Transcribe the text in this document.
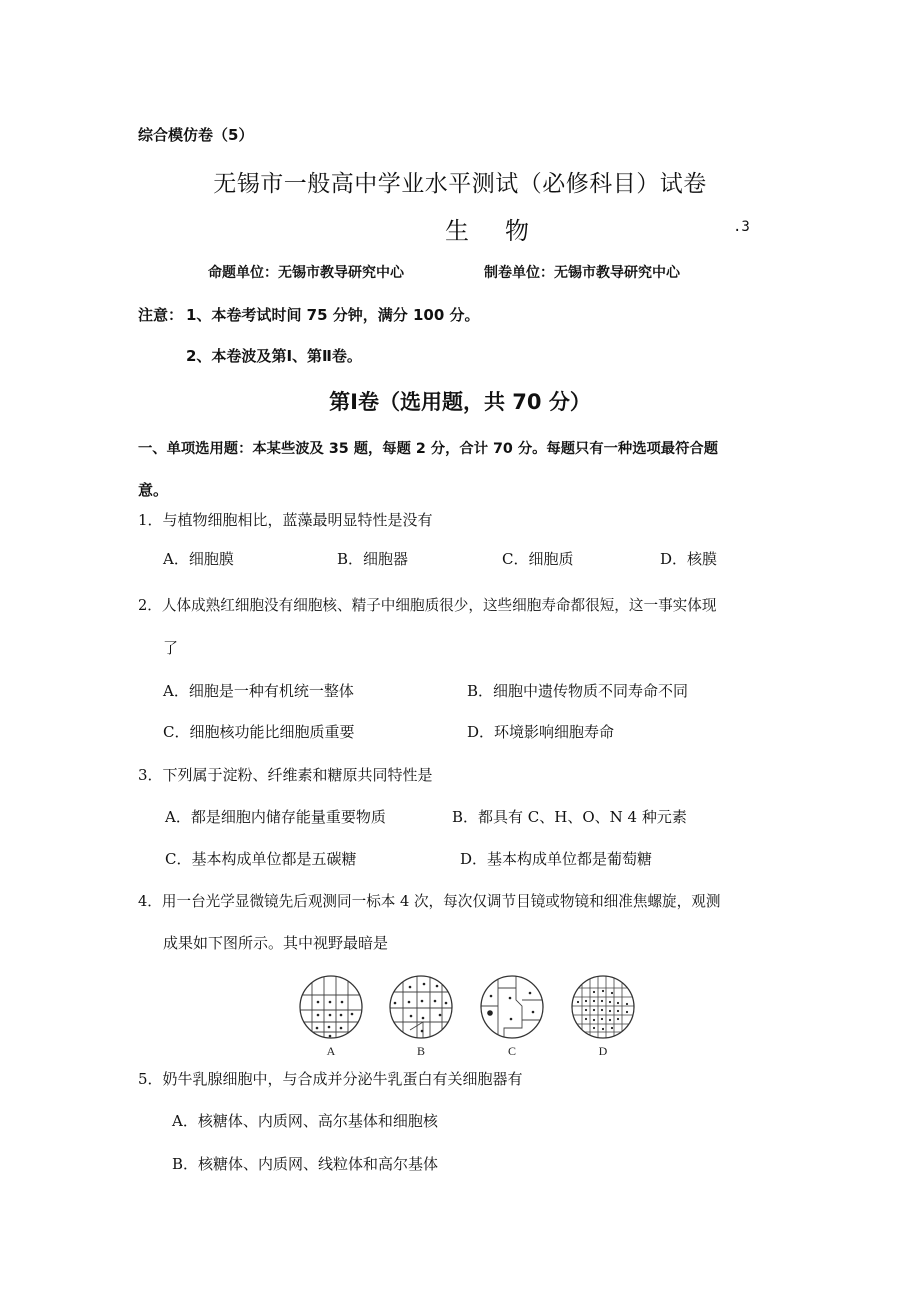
综合模仿卷（5）
无锡市一般高中学业水平测试（必修科目）试卷
生物	.3
命题单位：无锡市教导研究中心	制卷单位：无锡市教导研究中心
注意： 1、本卷考试时间 75 分钟，满分 100 分。
2、本卷波及第Ⅰ、第Ⅱ卷。
第Ⅰ卷（选用题，共 70 分）
一、单项选用题：本某些波及 35 题，每题 2 分，合计 70 分。每题只有一种选项最符合题
意。
1．与植物细胞相比，蓝藻最明显特性是没有
A．细胞膜	B．细胞器	C．细胞质	D．核膜
2．人体成熟红细胞没有细胞核、精子中细胞质很少，这些细胞寿命都很短，这一事实体现
了
A．细胞是一种有机统一整体	B．细胞中遗传物质不同寿命不同
C．细胞核功能比细胞质重要	D．环境影响细胞寿命
3．下列属于淀粉、纤维素和糖原共同特性是
A．都是细胞内储存能量重要物质	B．都具有 C、H、O、N 4 种元素
C．基本构成单位都是五碳糖	D．基本构成单位都是葡萄糖
4．用一台光学显微镜先后观测同一标本 4 次，每次仅调节目镜或物镜和细准焦螺旋，观测
成果如下图所示。其中视野最暗是
A	B	C	D
5．奶牛乳腺细胞中，与合成并分泌牛乳蛋白有关细胞器有
A．核糖体、内质网、高尔基体和细胞核
B．核糖体、内质网、线粒体和高尔基体
